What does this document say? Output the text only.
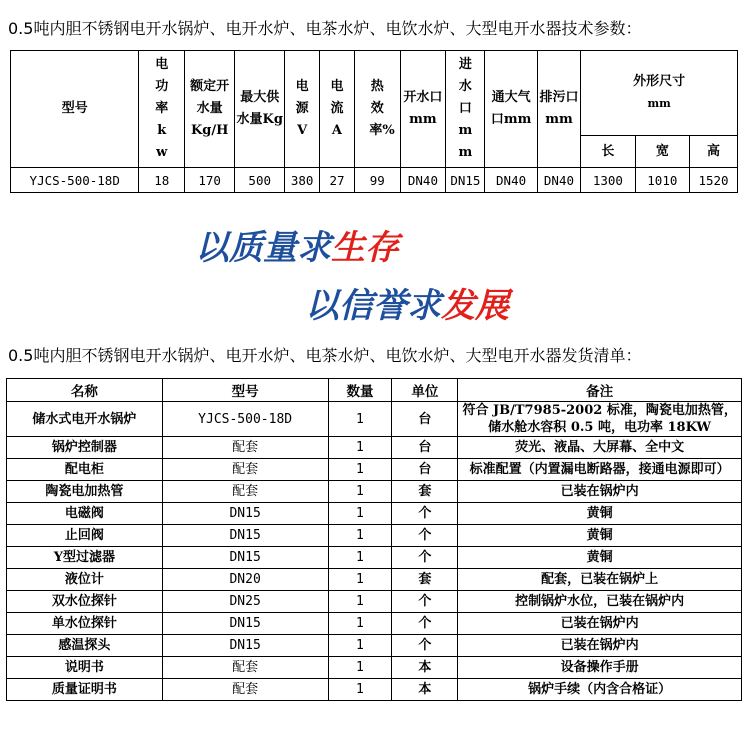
0.5吨内胆不锈钢电开水锅炉、电开水炉、电茶水炉、电饮水炉、大型电开水器技术参数：
型号	电功率kw	额定开水量Kg/H	最大供水量Kg	电源V	电流A	热效率%	开水口mm	进水口mm	通大气口mm	排污口mm	外形尺寸
mm		

											长	宽	高
YJCS-500-18D	18	170	500	380	27	99	DN40	DN15	DN40	DN40	1300	1010	1520
以质量求生存
以信誉求发展
0.5吨内胆不锈钢电开水锅炉、电开水炉、电茶水炉、电饮水炉、大型电开水器发货清单：
名称	型号	数量	单位	备注
储水式电开水锅炉	YJCS-500-18D	1	台	符合 JB/T7985-2002 标准，陶瓷电加热管，储水舱水容积 0.5 吨，电功率 18KW
锅炉控制器	配套	1	台	荧光、液晶、大屏幕、全中文
配电柜	配套	1	台	标准配置（内置漏电断路器，接通电源即可）
陶瓷电加热管	配套	1	套	已装在锅炉内
电磁阀	DN15	1	个	黄铜
止回阀	DN15	1	个	黄铜
Y型过滤器	DN15	1	个	黄铜
液位计	DN20	1	套	配套，已装在锅炉上
双水位探针	DN25	1	个	控制锅炉水位，已装在锅炉内
单水位探针	DN15	1	个	已装在锅炉内
感温探头	DN15	1	个	已装在锅炉内
说明书	配套	1	本	设备操作手册
质量证明书	配套	1	本	锅炉手续（内含合格证）
